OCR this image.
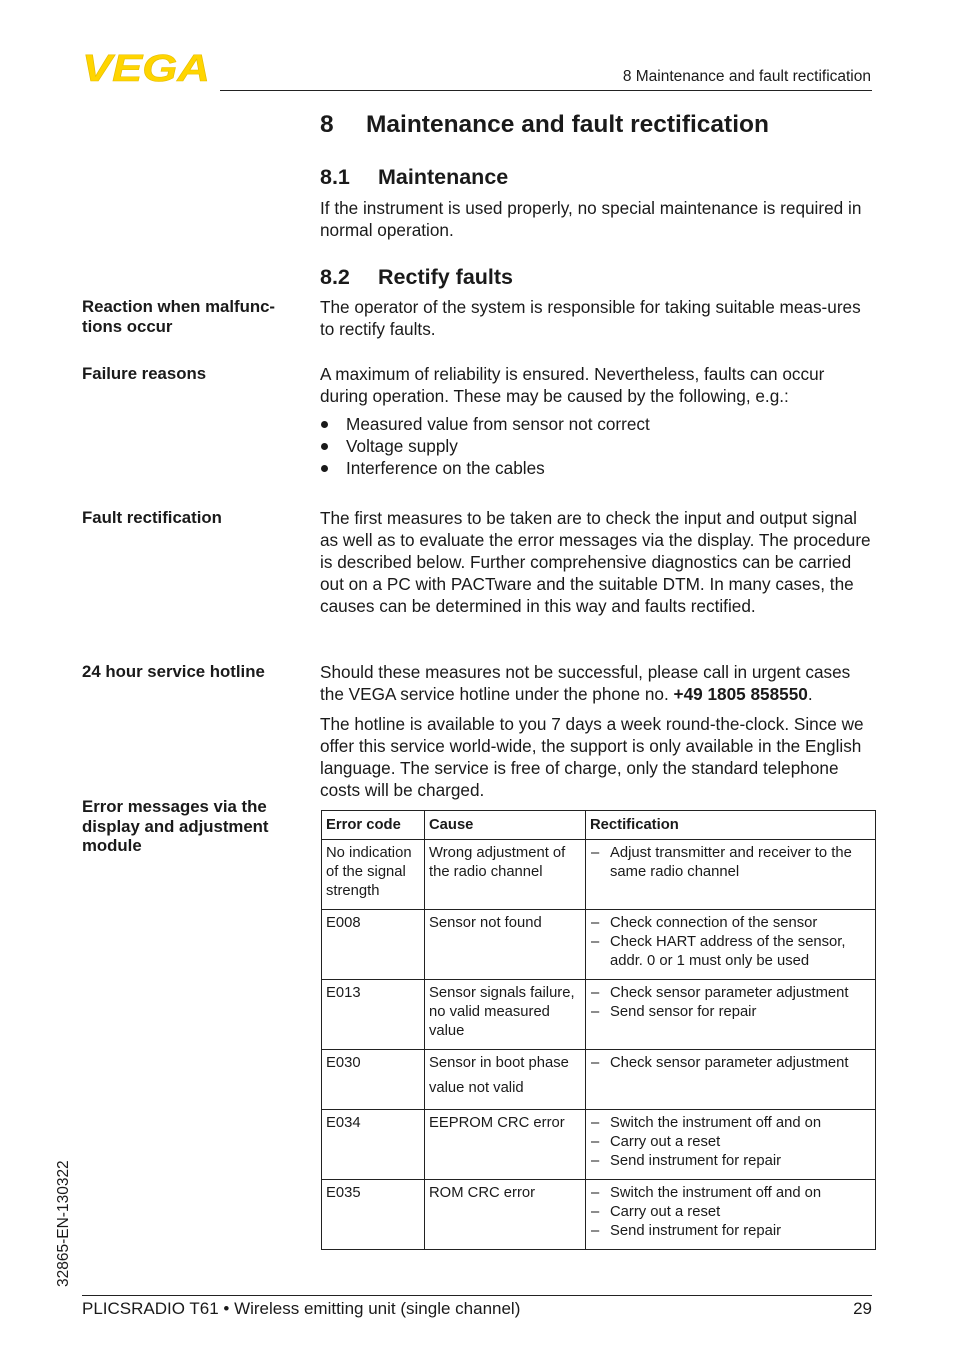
VEGA	8 Maintenance and fault rectification
8 Maintenance and fault rectification
8.1 Maintenance
If the instrument is used properly, no special maintenance is required in normal operation.
8.2 Rectify faults
Reaction when malfunc-tions occur
The operator of the system is responsible for taking suitable meas-ures to rectify faults.
Failure reasons	A maximum of reliability is ensured. Nevertheless, faults can occur during operation. These may be caused by the following, e.g.:
Measured value from sensor not correct
Voltage supply
Interference on the cables
Fault rectification	The first measures to be taken are to check the input and output signal as well as to evaluate the error messages via the display. The procedure is described below. Further comprehensive diagnostics can be carried out on a PC with PACTware and the suitable DTM. In many cases, the causes can be determined in this way and faults rectified.
24 hour service hotline	Should these measures not be successful, please call in urgent cases the VEGA service hotline under the phone no. +49 1805 858550.
The hotline is available to you 7 days a week round-the-clock. Since we offer this service world-wide, the support is only available in the English language. The service is free of charge, only the standard telephone costs will be charged.
Error messages via the display and adjustment module
Error code	Cause	Rectification
No indication of the signal strength	Wrong adjustment of the radio channel	– Adjust transmitter and receiver to the same radio channel

E008	Sensor not found	– Check connection of the sensor
– Check HART address of the sensor, addr. 0 or 1 must only be used

E013	Sensor signals failure, no valid measured value	– Check sensor parameter adjustment
– Send sensor for repair

E030	Sensor in boot phase value not valid	– Check sensor parameter adjustment

E034	EEPROM CRC error	– Switch the instrument off and on
– Carry out a reset
– Send instrument for repair

E035	ROM CRC error	– Switch the instrument off and on
– Carry out a reset
– Send instrument for repair
32865-EN-130322
PLICSRADIO T61 • Wireless emitting unit (single channel)	29
